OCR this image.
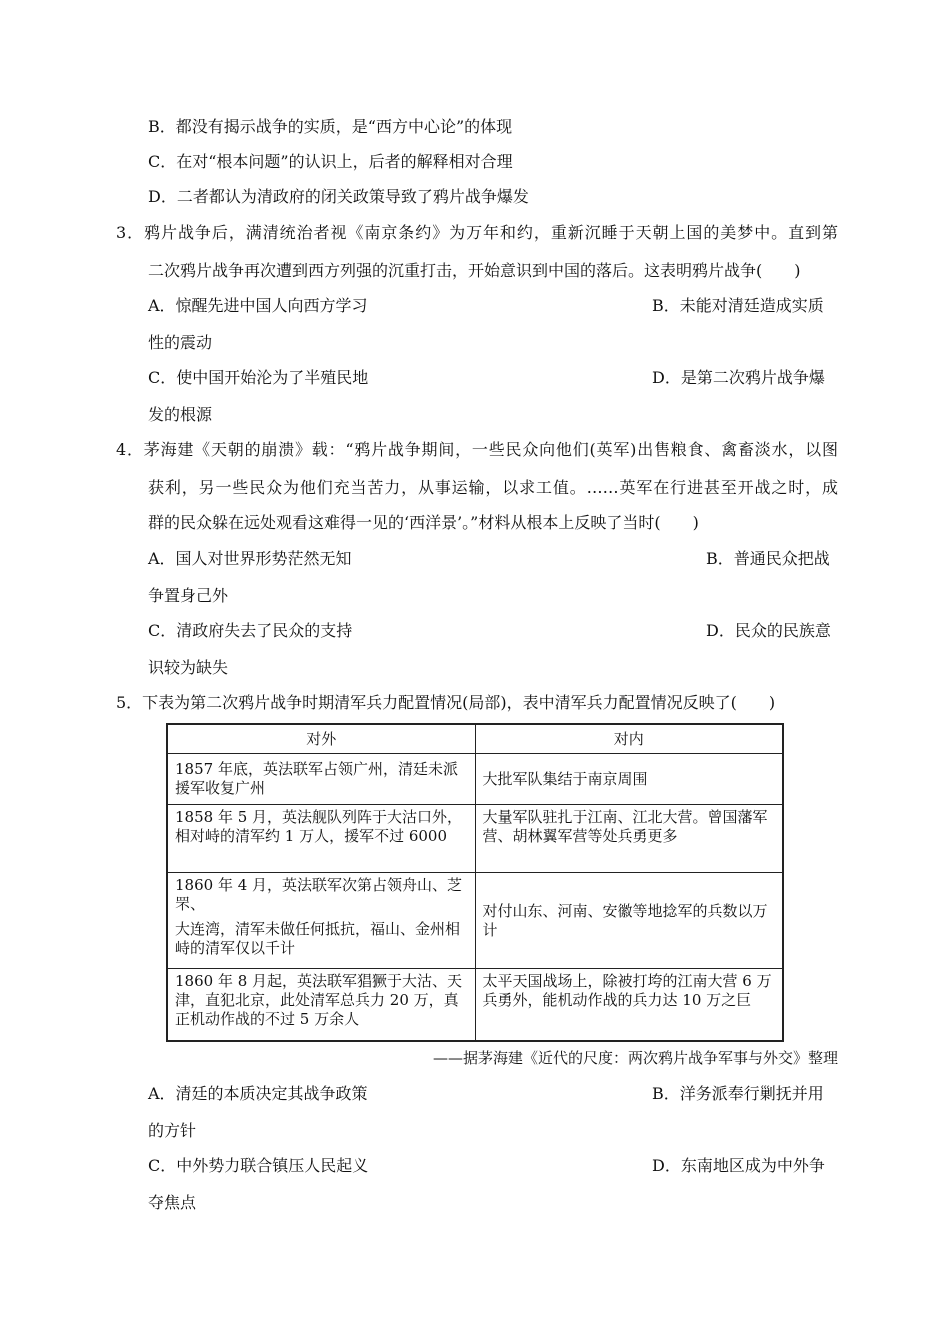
B．都没有揭示战争的实质，是“西方中心论”的体现
C．在对“根本问题”的认识上，后者的解释相对合理
D．二者都认为清政府的闭关政策导致了鸦片战争爆发
3．鸦片战争后，满清统治者视《南京条约》为万年和约，重新沉睡于天朝上国的美梦中。直到第
二次鸦片战争再次遭到西方列强的沉重打击，开始意识到中国的落后。这表明鸦片战争(　　)
A．惊醒先进中国人向西方学习	B．未能对清廷造成实质
性的震动
C．使中国开始沦为了半殖民地	D．是第二次鸦片战争爆
发的根源
4．茅海建《天朝的崩溃》载：“鸦片战争期间，一些民众向他们(英军)出售粮食、禽畜淡水，以图
获利，另一些民众为他们充当苦力，从事运输，以求工值。……英军在行进甚至开战之时，成
群的民众躲在远处观看这难得一见的‘西洋景’。”材料从根本上反映了当时(　　)
A．国人对世界形势茫然无知	B．普通民众把战
争置身己外
C．清政府失去了民众的支持	D．民众的民族意
识较为缺失
5．下表为第二次鸦片战争时期清军兵力配置情况(局部)，表中清军兵力配置情况反映了(　　)
对外	对内

1857 年底，英法联军占领广州，清廷未派援军收复广州	大批军队集结于南京周围

1858 年 5 月，英法舰队列阵于大沽口外，相对峙的清军约 1 万人，援军不过 6000	大量军队驻扎于江南、江北大营。曾国藩军营、胡林翼军营等处兵勇更多

1860 年 4 月，英法联军次第占领舟山、芝罘、
大连湾，清军未做任何抵抗，福山、金州相峙的清军仅以千计	对付山东、河南、安徽等地捻军的兵数以万计

1860 年 8 月起，英法联军猖獗于大沽、天津，直犯北京，此处清军总兵力 20 万，真正机动作战的不过 5 万余人	太平天国战场上，除被打垮的江南大营 6 万兵勇外，能机动作战的兵力达 10 万之巨
——据茅海建《近代的尺度：两次鸦片战争军事与外交》整理
A．清廷的本质决定其战争政策	B．洋务派奉行剿抚并用
的方针
C．中外势力联合镇压人民起义	D．东南地区成为中外争
夺焦点
